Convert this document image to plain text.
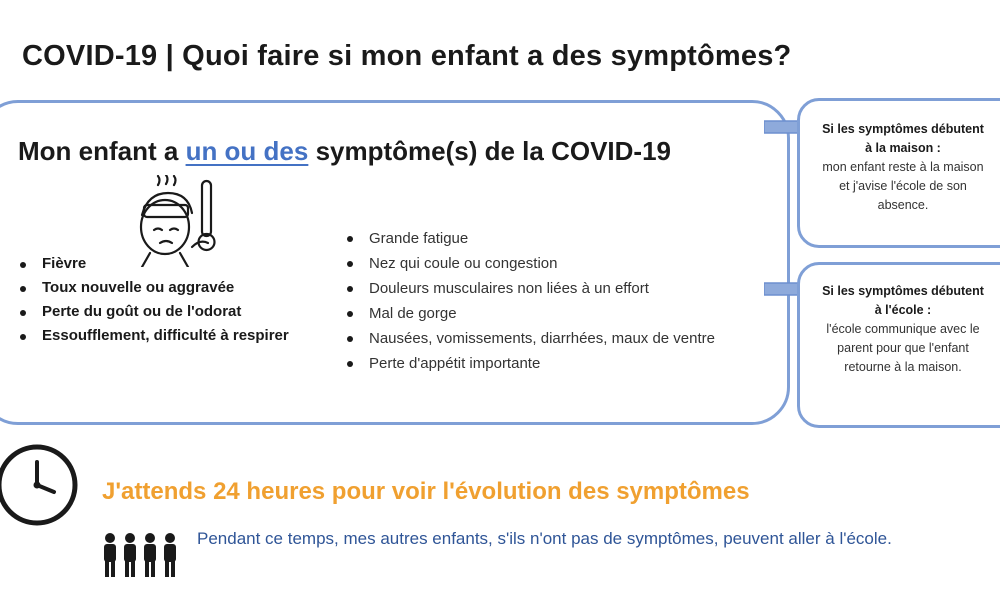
COVID-19 | Quoi faire si mon enfant a des symptômes?
Mon enfant a un ou des symptôme(s) de la COVID-19
Fièvre
Toux nouvelle ou aggravée
Perte du goût ou de l'odorat
Essoufflement, difficulté à respirer
Grande fatigue
Nez qui coule ou congestion
Douleurs musculaires non liées à un effort
Mal de gorge
Nausées, vomissements, diarrhées, maux de ventre
Perte d'appétit importante
Si les symptômes débutent à la maison :
mon enfant reste à la maison et j'avise l'école de son absence.
Si les symptômes débutent à l'école :
l'école communique avec le parent pour que l'enfant retourne à la maison.
J'attends 24 heures pour voir l'évolution des symptômes
Pendant ce temps, mes autres enfants, s'ils n'ont pas de symptômes, peuvent aller à l'école.
